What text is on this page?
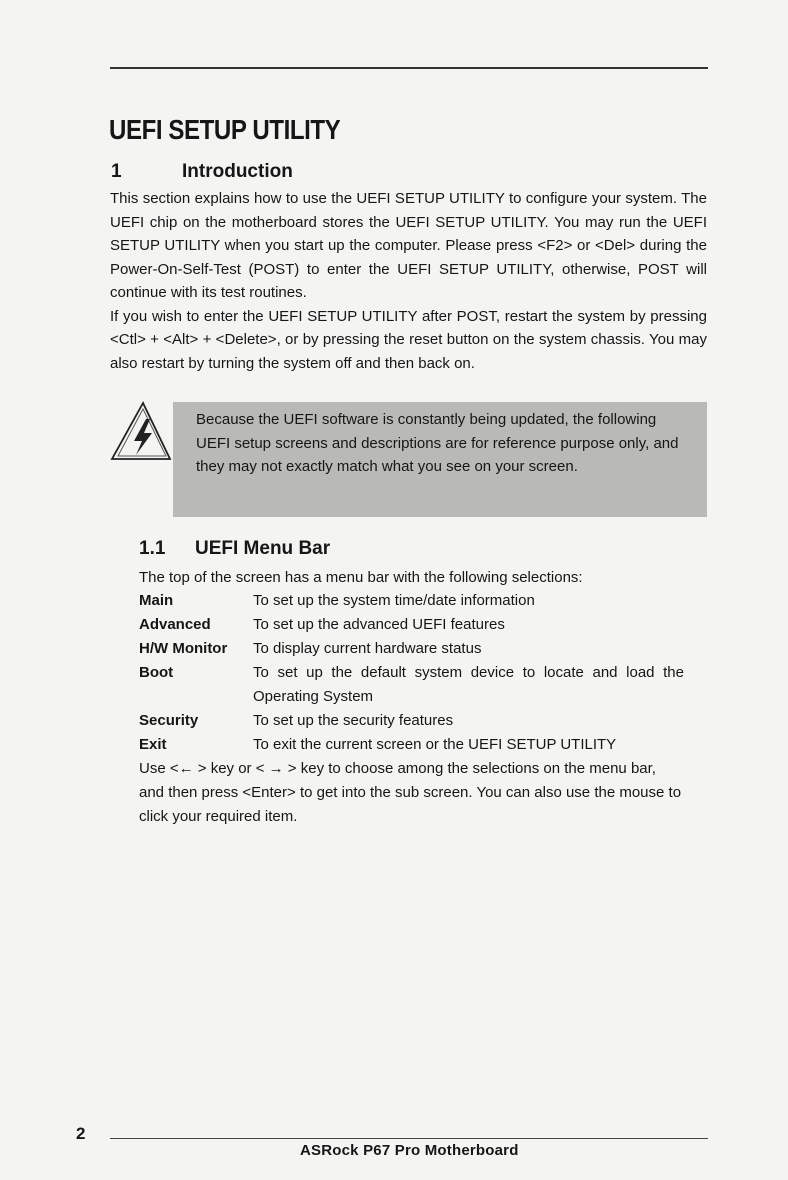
UEFI SETUP UTILITY
1	Introduction

This section explains how to use the UEFI SETUP UTILITY to configure your system. The UEFI chip on the motherboard stores the UEFI SETUP UTILITY. You may run the UEFI SETUP UTILITY when you start up the computer. Please press <F2> or <Del> during the Power-On-Self-Test (POST) to enter the UEFI SETUP UTILITY, otherwise, POST will continue with its test routines.

If you wish to enter the UEFI SETUP UTILITY after POST, restart the system by pressing <Ctl> + <Alt> + <Delete>, or by pressing the reset button on the system chassis. You may also restart by turning the system off and then back on.

Because the UEFI software is constantly being updated, the following UEFI setup screens and descriptions are for reference purpose only, and they may not exactly match what you see on your screen.

1.1 UEFI Menu Bar

The top of the screen has a menu bar with the following selections:

Main	To set up the system time/date information
Advanced	To set up the advanced UEFI features
H/W Monitor	To display current hardware status
Boot	To set up the default system device to locate and load the Operating System
Security	To set up the security features
Exit	To exit the current screen or the UEFI SETUP UTILITY

Use <← > key or < → > key to choose among the selections on the menu bar, and then press <Enter> to get into the sub screen. You can also use the mouse to click your required item.

2
ASRock P67 Pro Motherboard
